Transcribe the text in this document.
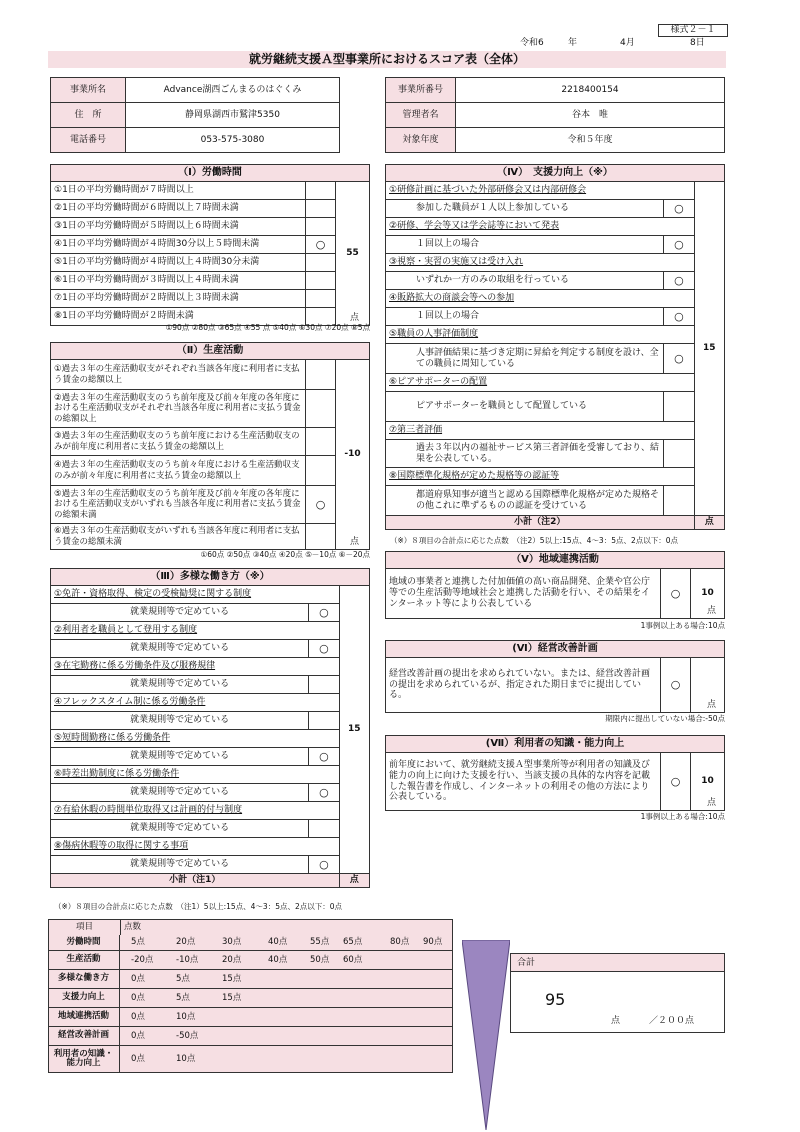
様式２－１
令和6	年	4月	8日
就労継続支援Ａ型事業所におけるスコア表（全体）
事業所名	Advance湖西ごんまるのはぐくみ
住　所	静岡県湖西市鷲津5350
電話番号	053-575-3080
事業所番号	2218400154
管理者名	谷本　唯
対象年度	令和５年度
（Ⅰ）労働時間		
①1日の平均労働時間が７時間以上		55
点

②1日の平均労働時間が６時間以上７時間未満		
③1日の平均労働時間が５時間以上６時間未満		
④1日の平均労働時間が４時間30分以上５時間未満	○	
⑤1日の平均労働時間が４時間以上４時間30分未満		
⑥1日の平均労働時間が３時間以上４時間未満		
⑦1日の平均労働時間が２時間以上３時間未満		
⑧1日の平均労働時間が２時間未満		
①90点 ②80点 ③65点 ④55 点 ⑤40点 ⑥30点 ⑦20点 ⑧5点
（Ⅱ）生産活動		
①過去３年の生産活動収支がそれぞれ当該各年度に利用者に支払う賃金の総額以上		-10
点

②過去３年の生産活動収支のうち前年度及び前々年度の各年度における生産活動収支がそれぞれ当該各年度に利用者に支払う賃金の総額以上		
③過去３年の生産活動収支のうち前年度における生産活動収支のみが前年度に利用者に支払う賃金の総額以上		
④過去３年の生産活動収支のうち前々年度における生産活動収支のみが前々年度に利用者に支払う賃金の総額以上		
⑤過去３年の生産活動収支のうち前年度及び前々年度の各年度における生産活動収支がいずれも当該各年度に利用者に支払う賃金の総額未満	○	
⑥過去３年の生産活動収支がいずれも当該各年度に利用者に支払う賃金の総額未満		
①60点 ②50点 ③40点 ④20点 ⑤－10点 ⑥－20点
（Ⅲ）多様な働き方（※）		
①免許・資格取得、検定の受検勧奨に関する制度		15
就業規則等で定めている	○	
②利用者を職員として登用する制度		
就業規則等で定めている	○	
③在宅勤務に係る労働条件及び服務規律		
就業規則等で定めている		
④フレックスタイム制に係る労働条件		
就業規則等で定めている		
⑤短時間勤務に係る労働条件		
就業規則等で定めている	○	
⑥時差出勤制度に係る労働条件		
就業規則等で定めている	○	
⑦有給休暇の時間単位取得又は計画的付与制度		
就業規則等で定めている		
⑧傷病休暇等の取得に関する事項		
就業規則等で定めている	○	
小計（注1）		点
（※）８項目の合計点に応じた点数　（注1）5以上:15点、4～3：5点、2点以下：0点
（Ⅳ）　支援力向上（※）		
①研修計画に基づいた外部研修会又は内部研修会		15
参加した職員が１人以上参加している	○	
②研修、学会等又は学会誌等において発表		
１回以上の場合	○	
③視察・実習の実施又は受け入れ		
いずれか一方のみの取組を行っている	○	
④販路拡大の商談会等への参加		
１回以上の場合	○	
⑤職員の人事評価制度		
人事評価結果に基づき定期に昇給を判定する制度を設け、全ての職員に周知している	○	
⑥ピアサポーターの配置		
ピアサポーターを職員として配置している		
⑦第三者評価		
過去３年以内の福祉サービス第三者評価を受審しており、結果を公表している。		
⑧国際標準化規格が定めた規格等の認証等		
都道府県知事が適当と認める国際標準化規格が定めた規格その他これに準ずるものの認証を受けている		
小計（注2）		点
（※）８項目の合計点に応じた点数　（注2）5以上:15点、4～3：5点、2点以下：0点
（Ⅴ）地域連携活動
地域の事業者と連携した付加価値の高い商品開発、企業や官公庁等での生産活動等地域社会と連携した活動を行い、その結果をインターネット等により公表している	○	10
点
1事例以上ある場合:10点
(Ⅵ）経営改善計画
経営改善計画の提出を求められていない。または、経営改善計画の提出を求められているが、指定された期日までに提出している。	○	
点
期限内に提出していない場合:-50点
(Ⅶ）利用者の知識・能力向上
前年度において、就労継続支援Ａ型事業所等が利用者の知識及び能力の向上に向けた支援を行い、当該支援の具体的な内容を記載した報告書を作成し、インターネットの利用その他の方法により公表している。	○	10
点
1事例以上ある場合:10点
項目	点数
労働時間	5点	20点	30点	40点	55点 65点	80点 90点
生産活動	-20点	-10点	20点	40点	50点 60点
多様な働き方	0点	5点	15点
支援力向上	0点	5点	15点
地域連携活動	0点	10点
経営改善計画	0点	-50点
利用者の知識・能力向上	0点	10点
合計
95
点	／２００点
